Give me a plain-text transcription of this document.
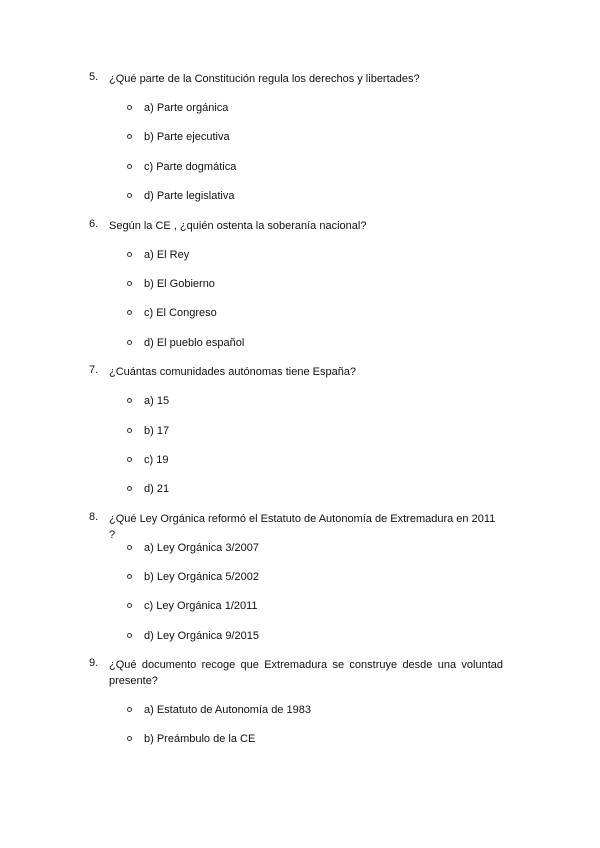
5. ¿Qué parte de la Constitución regula los derechos y libertades?
a) Parte orgánica
b) Parte ejecutiva
c) Parte dogmática
d) Parte legislativa
6. Según la CE , ¿quién ostenta la soberanía nacional?
a) El Rey
b) El Gobierno
c) El Congreso
d) El pueblo español
7. ¿Cuántas comunidades autónomas tiene España?
a) 15
b) 17
c) 19
d) 21
8. ¿Qué Ley Orgánica reformó el Estatuto de Autonomía de Extremadura en 2011 ?
a) Ley Orgánica 3/2007
b) Ley Orgánica 5/2002
c) Ley Orgánica 1/2011
d) Ley Orgánica 9/2015
9. ¿Qué documento recoge que Extremadura se construye desde una voluntad presente?
a) Estatuto de Autonomía de 1983
b) Preámbulo de la CE
